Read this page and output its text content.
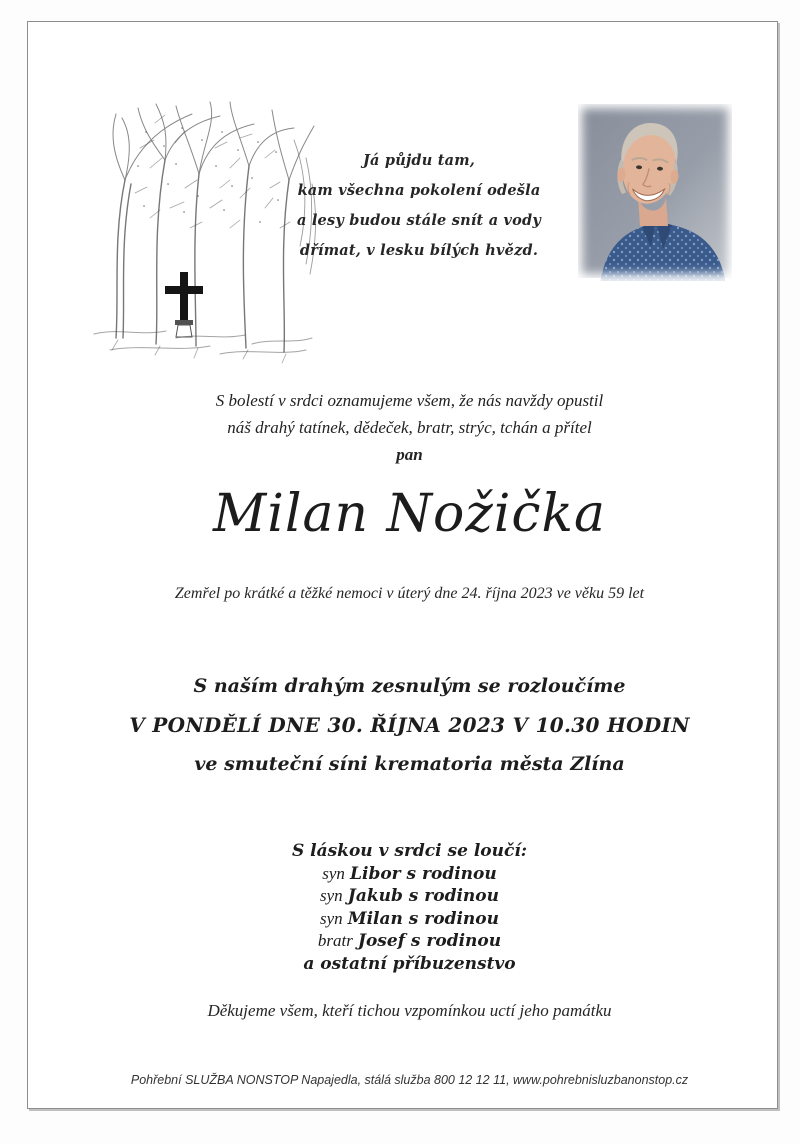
Já půjdu tam,
kam všechna pokolení odešla
a lesy budou stále snít a vody
dřímat, v lesku bílých hvězd.
S bolestí v srdci oznamujeme všem, že nás navždy opustil
náš drahý tatínek, dědeček, bratr, strýc, tchán a přítel
pan
Milan Nožička
Zemřel po krátké a těžké nemoci v úterý dne 24. října 2023 ve věku 59 let
S naším drahým zesnulým se rozloučíme
V PONDĚLÍ DNE 30. ŘÍJNA 2023 V 10.30 HODIN
ve smuteční síni krematoria města Zlína
S láskou v srdci se loučí:
syn Libor s rodinou
syn Jakub s rodinou
syn Milan s rodinou
bratr Josef s rodinou
a ostatní příbuzenstvo
Děkujeme všem, kteří tichou vzpomínkou uctí jeho památku
Pohřební SLUŽBA NONSTOP Napajedla, stálá služba 800 12 12 11, www.pohrebnisluzbanonstop.cz
